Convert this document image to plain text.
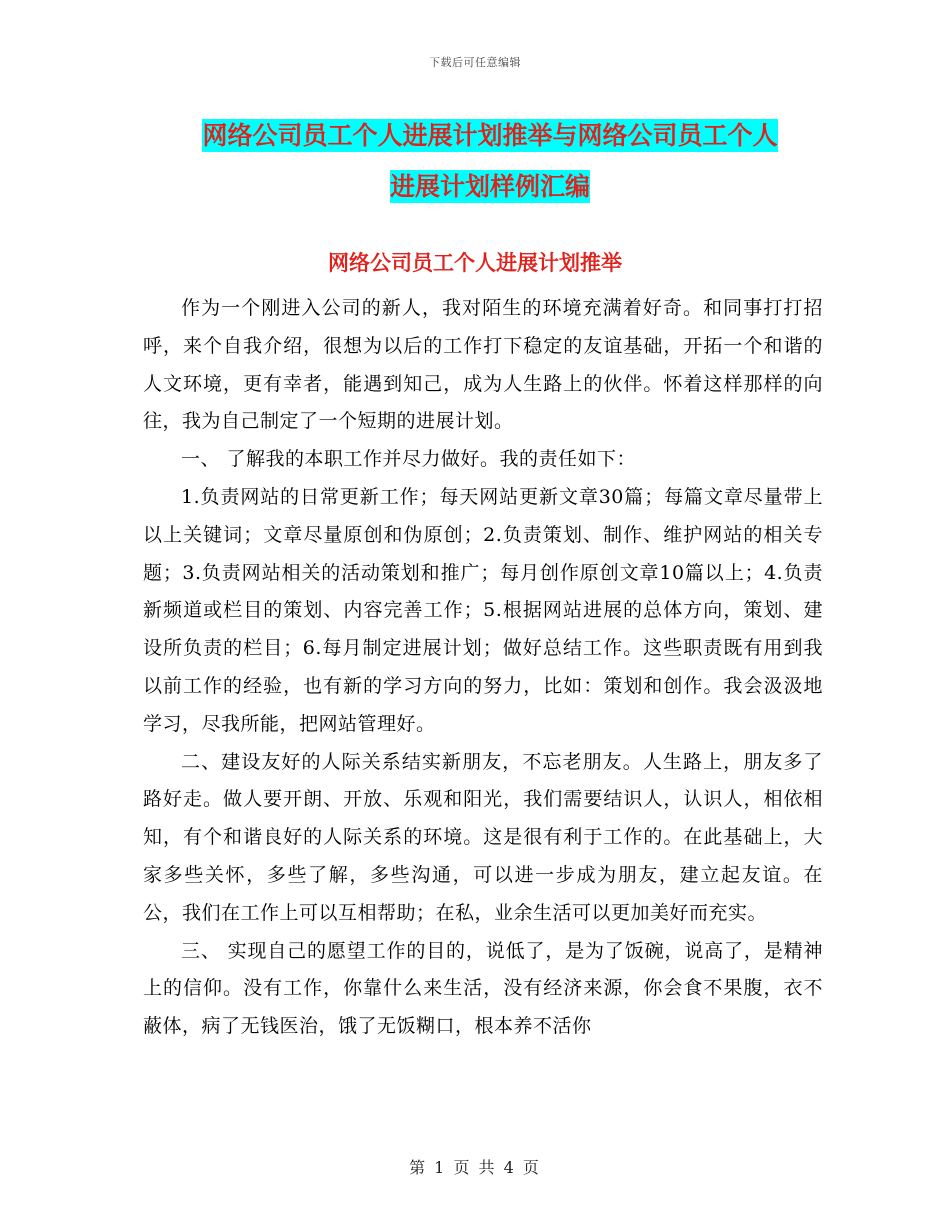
下载后可任意编辑
网络公司员工个人进展计划推举与网络公司员工个人
进展计划样例汇编
网络公司员工个人进展计划推举

作为一个刚进入公司的新人，我对陌生的环境充满着好奇。和同事打打招呼，来个自我介绍，很想为以后的工作打下稳定的友谊基础，开拓一个和谐的人文环境，更有幸者，能遇到知己，成为人生路上的伙伴。怀着这样那样的向往，我为自己制定了一个短期的进展计划。

一、 了解我的本职工作并尽力做好。我的责任如下：

1.负责网站的日常更新工作；每天网站更新文章30篇；每篇文章尽量带上以上关键词；文章尽量原创和伪原创；2.负责策划、制作、维护网站的相关专题；3.负责网站相关的活动策划和推广；每月创作原创文章10篇以上；4.负责新频道或栏目的策划、内容完善工作；5.根据网站进展的总体方向，策划、建设所负责的栏目；6.每月制定进展计划；做好总结工作。这些职责既有用到我以前工作的经验，也有新的学习方向的努力，比如：策划和创作。我会汲汲地学习，尽我所能，把网站管理好。

二、建设友好的人际关系结实新朋友，不忘老朋友。人生路上，朋友多了路好走。做人要开朗、开放、乐观和阳光，我们需要结识人，认识人，相依相知，有个和谐良好的人际关系的环境。这是很有利于工作的。在此基础上，大家多些关怀，多些了解，多些沟通，可以进一步成为朋友，建立起友谊。在公，我们在工作上可以互相帮助；在私，业余生活可以更加美好而充实。

三、 实现自己的愿望工作的目的，说低了，是为了饭碗，说高了，是精神上的信仰。没有工作，你靠什么来生活，没有经济来源，你会食不果腹，衣不蔽体，病了无钱医治，饿了无饭糊口，根本养不活你

第 1 页 共 4 页
